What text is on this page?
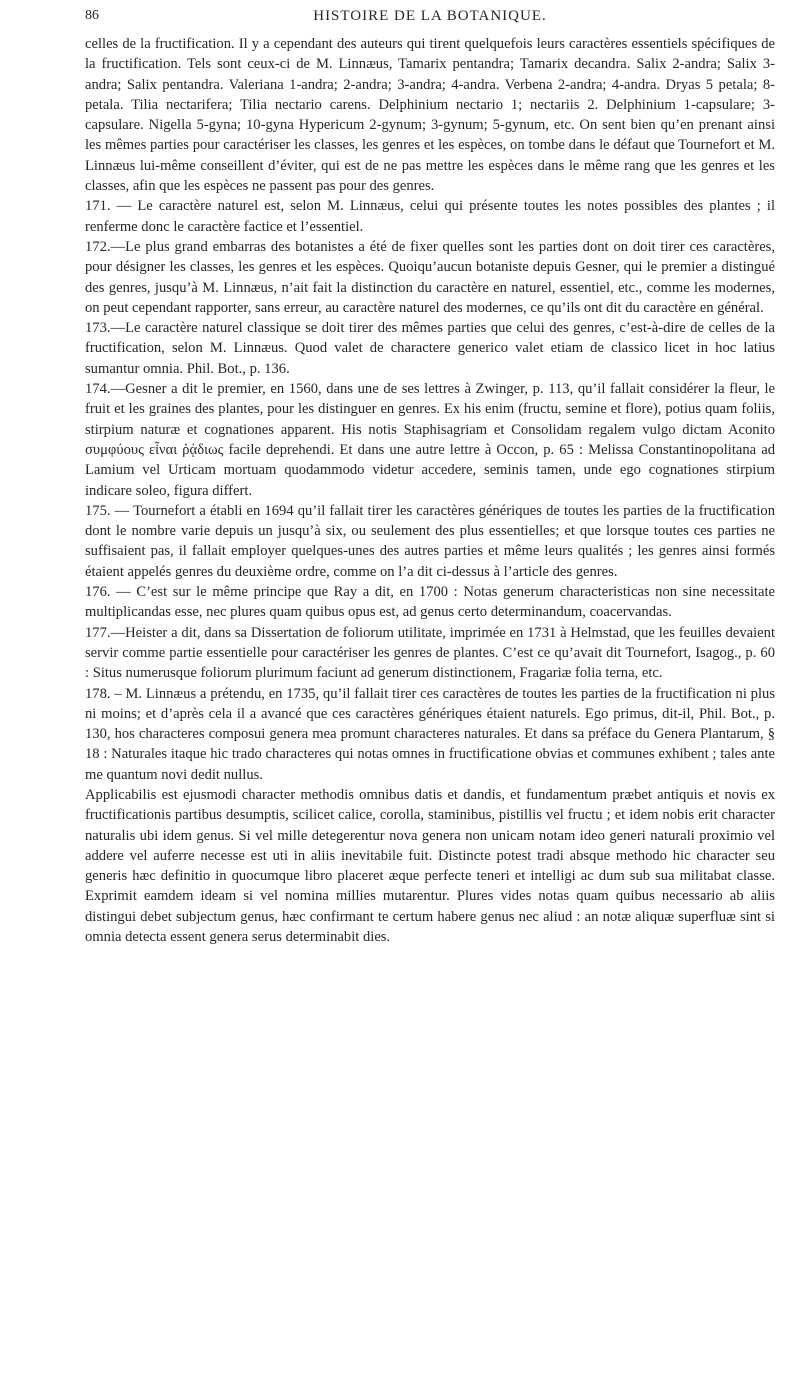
86	HISTOIRE DE LA BOTANIQUE.

celles de la fructification. Il y a cependant des auteurs qui tirent quelquefois leurs caractères essentiels spécifiques de la fructification. Tels sont ceux-ci de M. Linnæus, Tamarix pentandra; Tamarix decandra. Salix 2-andra; Salix 3-andra; Salix pentandra. Valeriana 1-andra; 2-andra; 3-andra; 4-andra. Verbena 2-andra; 4-andra. Dryas 5 petala; 8-petala. Tilia nectarifera; Tilia nectario carens. Delphinium nectario 1; nectariis 2. Delphinium 1-capsulare; 3-capsulare. Nigella 5-gyna; 10-gyna Hypericum 2-gynum; 3-gynum; 5-gynum, etc. On sent bien qu’en prenant ainsi les mêmes parties pour caractériser les classes, les genres et les espèces, on tombe dans le défaut que Tournefort et M. Linnæus lui-même conseillent d’éviter, qui est de ne pas mettre les espèces dans le même rang que les genres et les classes, afin que les espèces ne passent pas pour des genres.

171. — Le caractère naturel est, selon M. Linnæus, celui qui présente toutes les notes possibles des plantes ; il renferme donc le caractère factice et l’essentiel.

172.—Le plus grand embarras des botanistes a été de fixer quelles sont les parties dont on doit tirer ces caractères, pour désigner les classes, les genres et les espèces. Quoiqu’aucun botaniste depuis Gesner, qui le premier a distingué des genres, jusqu’à M. Linnæus, n’ait fait la distinction du caractère en naturel, essentiel, etc., comme les modernes, on peut cependant rapporter, sans erreur, au caractère naturel des modernes, ce qu’ils ont dit du caractère en général.

173.—Le caractère naturel classique se doit tirer des mêmes parties que celui des genres, c’est-à-dire de celles de la fructification, selon M. Linnæus. Quod valet de charactere generico valet etiam de classico licet in hoc latius sumantur omnia. Phil. Bot., p. 136.

174.—Gesner a dit le premier, en 1560, dans une de ses lettres à Zwinger, p. 113, qu’il fallait considérer la fleur, le fruit et les graines des plantes, pour les distinguer en genres. Ex his enim (fructu, semine et flore), potius quam foliis, stirpium naturæ et cognationes apparent. His notis Staphisagriam et Consolidam regalem vulgo dictam Aconito συμφύους εἶναι ῥᾴδιως facile deprehendi. Et dans une autre lettre à Occon, p. 65 : Melissa Constantinopolitana ad Lamium vel Urticam mortuam quodammodo videtur accedere, seminis tamen, unde ego cognationes stirpium indicare soleo, figura differt.

175. — Tournefort a établi en 1694 qu’il fallait tirer les caractères génériques de toutes les parties de la fructification dont le nombre varie depuis un jusqu’à six, ou seulement des plus essentielles; et que lorsque toutes ces parties ne suffisaient pas, il fallait employer quelques-unes des autres parties et même leurs qualités ; les genres ainsi formés étaient appelés genres du deuxième ordre, comme on l’a dit ci-dessus à l’article des genres.

176. — C’est sur le même principe que Ray a dit, en 1700 : Notas generum characteristicas non sine necessitate multiplicandas esse, nec plures quam quibus opus est, ad genus certo determinandum, coacervandas.

177.—Heister a dit, dans sa Dissertation de foliorum utilitate, imprimée en 1731 à Helmstad, que les feuilles devaient servir comme partie essentielle pour caractériser les genres de plantes. C’est ce qu’avait dit Tournefort, Isagog., p. 60 : Situs numerusque foliorum plurimum faciunt ad generum distinctionem, Fragariæ folia terna, etc.

178. – M. Linnæus a prétendu, en 1735, qu’il fallait tirer ces caractères de toutes les parties de la fructification ni plus ni moins; et d’après cela il a avancé que ces caractères génériques étaient naturels. Ego primus, dit-il, Phil. Bot., p. 130, hos characteres composui genera mea promunt characteres naturales. Et dans sa préface du Genera Plantarum, § 18 : Naturales itaque hic trado characteres qui notas omnes in fructificatione obvias et communes exhibent ; tales ante me quantum novi dedit nullus.

Applicabilis est ejusmodi character methodis omnibus datis et dandis, et fundamentum præbet antiquis et novis ex fructificationis partibus desumptis, scilicet calice, corolla, staminibus, pistillis vel fructu ; et idem nobis erit character naturalis ubi idem genus. Si vel mille detegerentur nova genera non unicam notam ideo generi naturali proximio vel addere vel auferre necesse est uti in aliis inevitabile fuit. Distincte potest tradi absque methodo hic character seu generis hæc definitio in quocumque libro placeret æque perfecte teneri et intelligi ac dum sub sua militabat classe. Exprimit eamdem ideam si vel nomina millies mutarentur. Plures vides notas quam quibus necessario ab aliis distingui debet subjectum genus, hæc confirmant te certum habere genus nec aliud : an notæ aliquæ superfluæ sint si omnia detecta essent genera serus determinabit dies.
